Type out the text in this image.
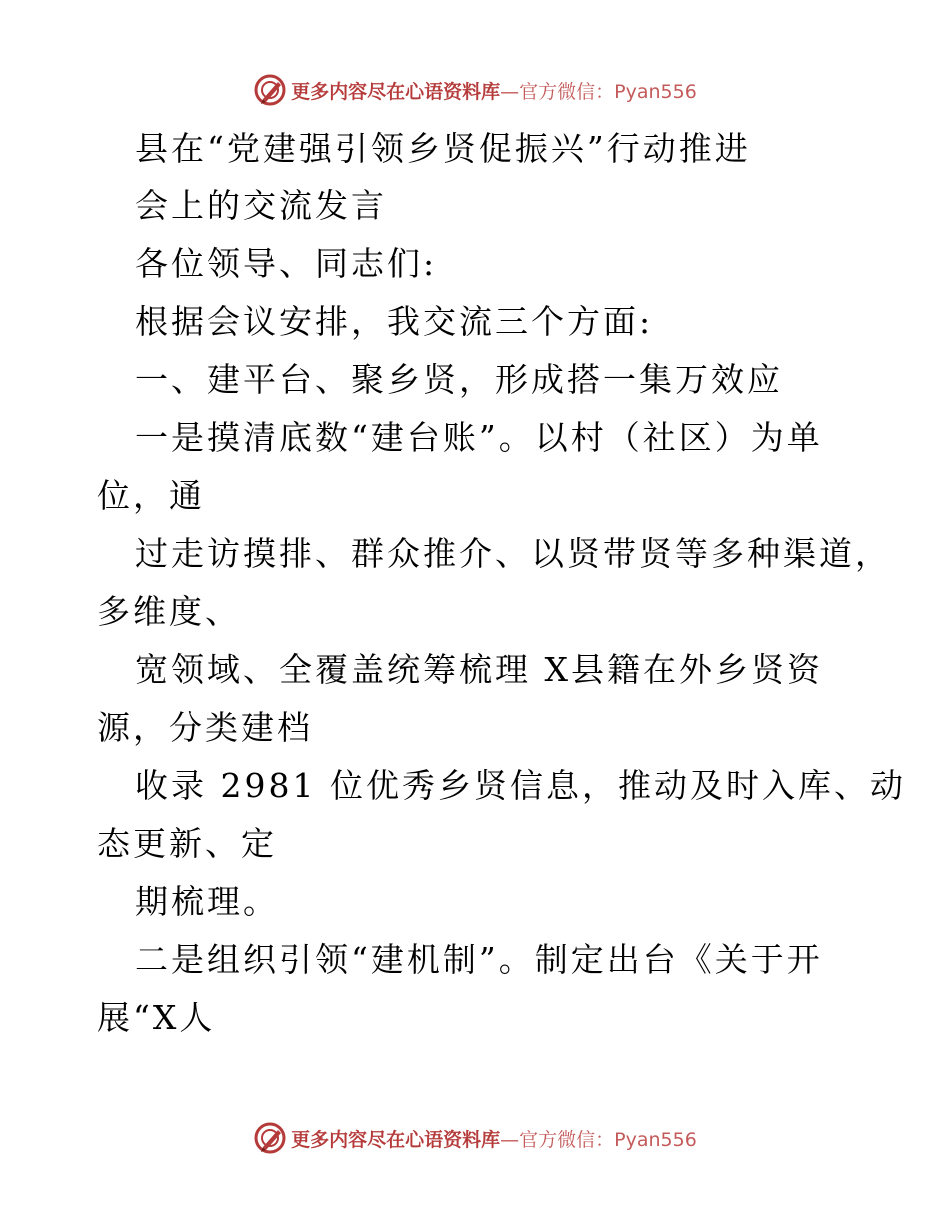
更多内容尽在心语资料库—官方微信：Pyan556
县在“党建强引领乡贤促振兴”行动推进
会上的交流发言
各位领导、同志们:
根据会议安排，我交流三个方面:
一、建平台、聚乡贤，形成搭一集万效应
一是摸清底数“建台账”。以村（社区）为单
位，通
过走访摸排、群众推介、以贤带贤等多种渠道，
多维度、
宽领域、全覆盖统筹梳理 X县籍在外乡贤资
源，分类建档
收录 2981 位优秀乡贤信息，推动及时入库、动
态更新、定
期梳理。
二是组织引领“建机制”。制定出台《关于开
展“X人
更多内容尽在心语资料库—官方微信：Pyan556
